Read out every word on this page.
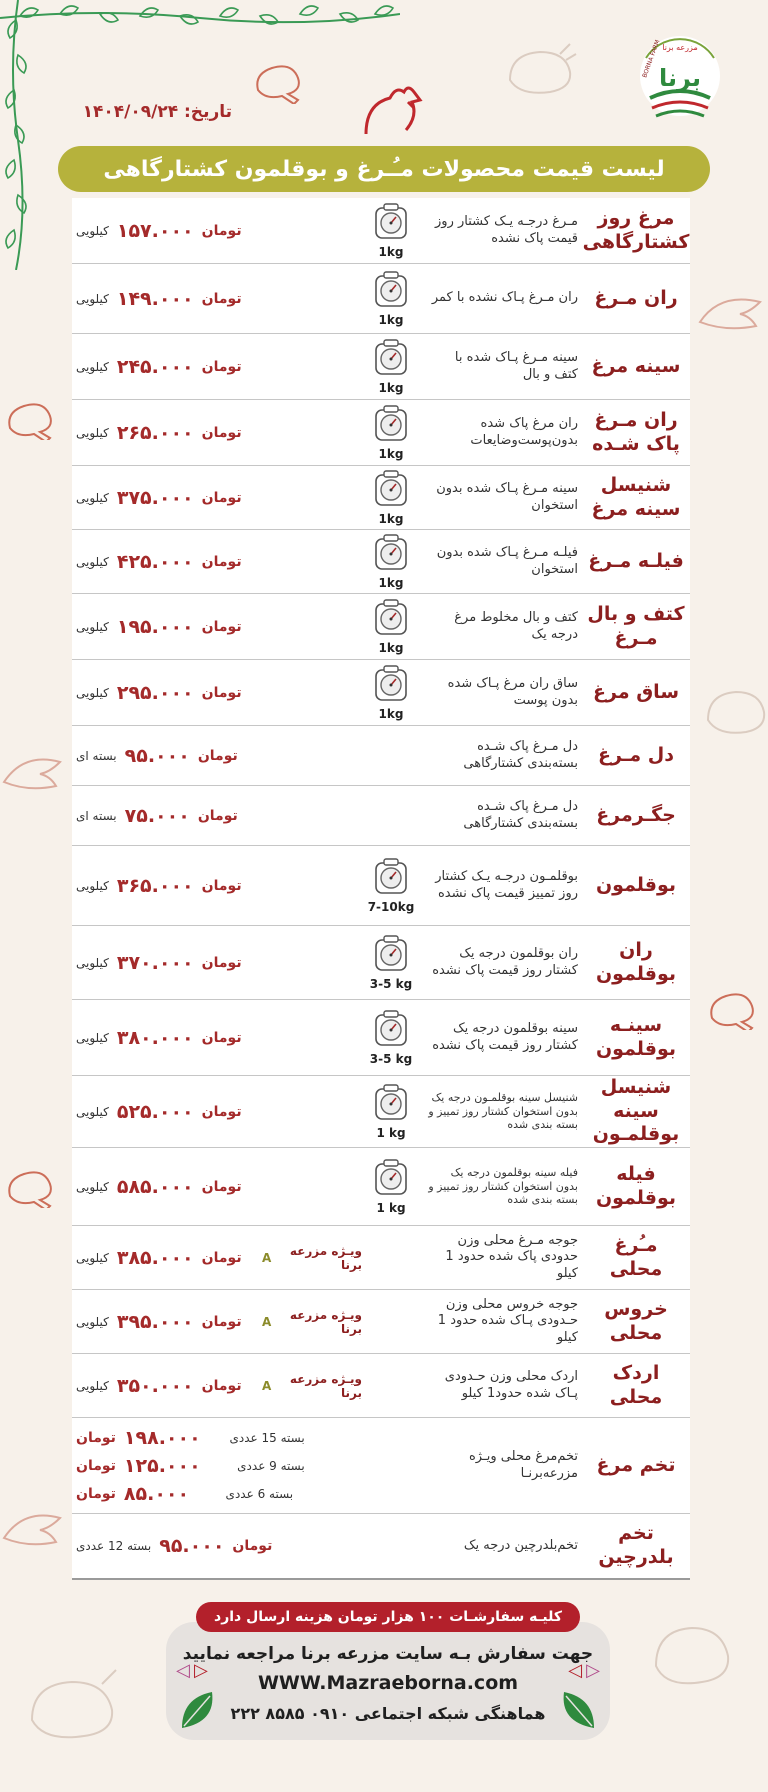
مزرعه برنا
برنا
BORNA FARM
تاریخ: ۱۴۰۴/۰۹/۲۴
لیست قیمت محصولات مـُـرغ و بوقلمون کشتارگاهی
مرغ روز کشتارگاهی
مـرغ درجـه یـک کشتار روز قیمت پاک نشده
1kg
کیلویی ۱۵۷.۰۰۰ تومان
ران مـرغ
ران مـرغ پـاک نشده با کمر
1kg
کیلویی ۱۴۹.۰۰۰ تومان
سینه مرغ
سینه مـرغ پـاک شده با کتف و بال
1kg
کیلویی ۲۴۵.۰۰۰ تومان
ران مـرغ پاک شـده
ران مرغ پاک شده بدون‌پوست‌وضایعات
1kg
کیلویی ۲۶۵.۰۰۰ تومان
شنیسل سینه مرغ
سینه مـرغ پـاک شده بدون استخوان
1kg
کیلویی ۳۷۵.۰۰۰ تومان
فیلـه مـرغ
فیلـه مـرغ پـاک شده بدون استخوان
1kg
کیلویی ۴۲۵.۰۰۰ تومان
کتف و بال مـرغ
کتف و بال مخلوط مرغ درجه یک
1kg
کیلویی ۱۹۵.۰۰۰ تومان
ساق مرغ
ساق ران مرغ پـاک شده بدون پوست
1kg
کیلویی ۲۹۵.۰۰۰ تومان
دل مـرغ
دل مـرغ پاک شـده بسته‌بندی کشتارگاهی
بسته ای ۹۵.۰۰۰ تومان
جگـرمرغ
دل مـرغ پاک شـده بسته‌بندی کشتارگاهی
بسته ای ۷۵.۰۰۰ تومان
بوقلمون
بوقلمـون درجـه یـک کشتار روز تمییز قیمت پاک نشده
7-10kg
کیلویی ۳۶۵.۰۰۰ تومان
ران بوقلمون
ران بوقلمون درجه یک کشتار روز قیمت پاک نشده
3-5 kg
کیلویی ۳۷۰.۰۰۰ تومان
سینـه بوقلمون
سینه بوقلمون درجه یک کشتار روز قیمت پاک نشده
3-5 kg
کیلویی ۳۸۰.۰۰۰ تومان
شنیسل سینه بوقلمـون
شنیسل سینه بوقلمـون درجه یک بدون استخوان کشتار روز تمییز و بسته بندی شده
1 kg
کیلویی ۵۲۵.۰۰۰ تومان
فیله بوقلمون
فیله سینه بوقلمون درجه یک بدون استخوان کشتار روز تمییز و بسته بندی شده
1 kg
کیلویی ۵۸۵.۰۰۰ تومان
مـُرغ محلی
جوجه مـرغ محلی وزن حدودی پاک شده حدود 1 کیلو
ویـژه مزرعه برنا
A
کیلویی ۳۸۵.۰۰۰ تومان
خروس محلی
جوجه خروس محلی وزن حـدودی پـاک شده حدود 1 کیلو
ویـژه مزرعه برنا
A
کیلویی ۳۹۵.۰۰۰ تومان
اردک محلی
اردک محلی وزن حـدودی پـاک شده حدود1 کیلو
ویـژه مزرعه برنا
A
کیلویی ۳۵۰.۰۰۰ تومان
تخم مرغ
تخم‌مرغ محلی ویـژه مزرعه‌برنـا
بسته 15 عددی
۱۹۸.۰۰۰
تومان
بسته 9 عددی
۱۲۵.۰۰۰
تومان
بسته 6 عددی
۸۵.۰۰۰
تومان
تخم بلدرچین
تخم‌بلدرچین درجه یک
بسته 12 عددی ۹۵.۰۰۰ تومان
جهت سفارش بـه سایت مزرعه برنا مراجعه نمایید
WWW.Mazraeborna.com
هماهنگی شبکه اجتماعی ۰۹۱۰ ۸۵۸۵ ۲۲۲
◁ ▷	◁ ▷
کلیـه سفارشـات ۱۰۰ هزار تومان هزینه ارسال دارد
